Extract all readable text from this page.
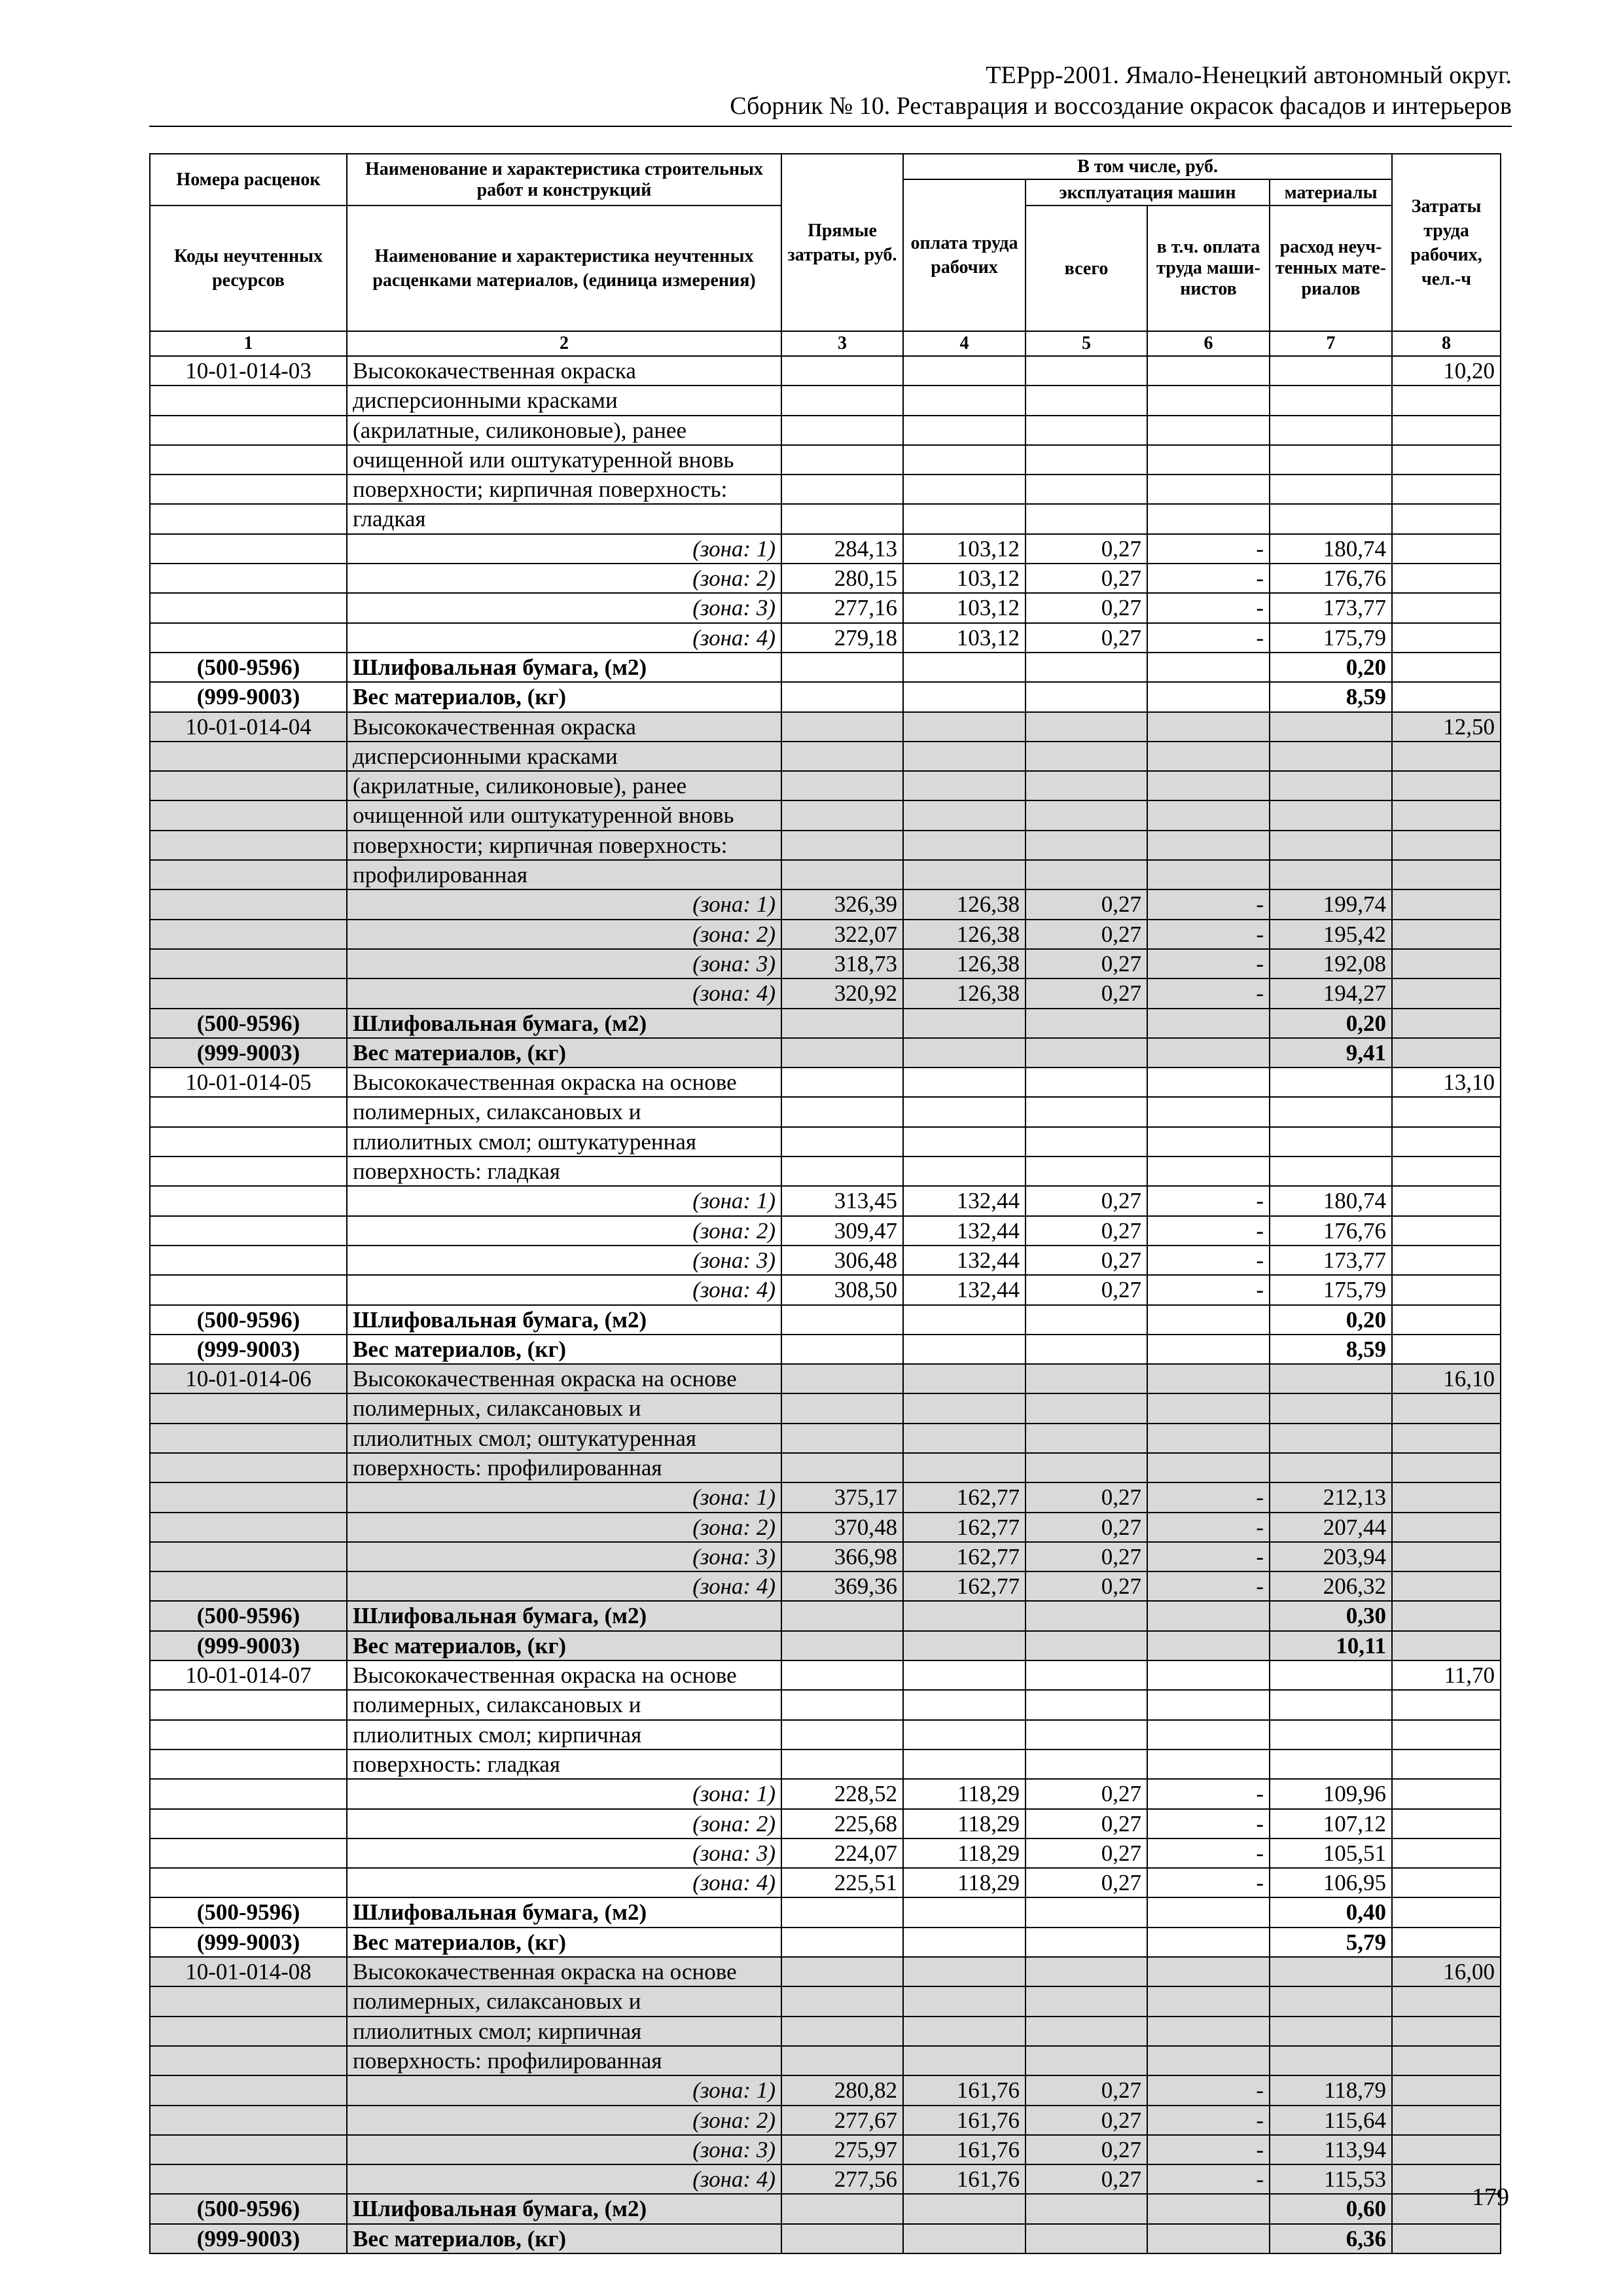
ТЕРрр-2001. Ямало-Ненецкий автономный округ.
Сборник № 10. Реставрация и воссоздание окрасок фасадов и интерьеров
Номера расценок	Наименование и характеристика строительных работ и конструкций	Прямые затраты, руб.	В том числе, руб.				Затраты труда рабочих, чел.-ч
			оплата труда рабочих	эксплуатация машин		материалы	
Коды неучтенных ресурсов	Наименование и характеристика неучтенных расценками материалов, (единица измерения)			всего	в т.ч. оплата труда маши-нистов	расход неуч-тенных мате-риалов	
1	2	3	4	5	6	7	8
10-01-014-03	Высококачественная окраска						10,20
	дисперсионными красками						
	(акрилатные, силиконовые), ранее						
	очищенной или оштукатуренной вновь						
	поверхности; кирпичная поверхность:						
	гладкая						
	(зона: 1)	284,13	103,12	0,27	-	180,74	
	(зона: 2)	280,15	103,12	0,27	-	176,76	
	(зона: 3)	277,16	103,12	0,27	-	173,77	
	(зона: 4)	279,18	103,12	0,27	-	175,79	
(500-9596)	Шлифовальная бумага, (м2)					0,20	
(999-9003)	Вес материалов, (кг)					8,59	
10-01-014-04	Высококачественная окраска						12,50
	дисперсионными красками						
	(акрилатные, силиконовые), ранее						
	очищенной или оштукатуренной вновь						
	поверхности; кирпичная поверхность:						
	профилированная						
	(зона: 1)	326,39	126,38	0,27	-	199,74	
	(зона: 2)	322,07	126,38	0,27	-	195,42	
	(зона: 3)	318,73	126,38	0,27	-	192,08	
	(зона: 4)	320,92	126,38	0,27	-	194,27	
(500-9596)	Шлифовальная бумага, (м2)					0,20	
(999-9003)	Вес материалов, (кг)					9,41	
10-01-014-05	Высококачественная окраска на основе						13,10
	полимерных, силаксановых и						
	плиолитных смол; оштукатуренная						
	поверхность: гладкая						
	(зона: 1)	313,45	132,44	0,27	-	180,74	
	(зона: 2)	309,47	132,44	0,27	-	176,76	
	(зона: 3)	306,48	132,44	0,27	-	173,77	
	(зона: 4)	308,50	132,44	0,27	-	175,79	
(500-9596)	Шлифовальная бумага, (м2)					0,20	
(999-9003)	Вес материалов, (кг)					8,59	
10-01-014-06	Высококачественная окраска на основе						16,10
	полимерных, силаксановых и						
	плиолитных смол; оштукатуренная						
	поверхность: профилированная						
	(зона: 1)	375,17	162,77	0,27	-	212,13	
	(зона: 2)	370,48	162,77	0,27	-	207,44	
	(зона: 3)	366,98	162,77	0,27	-	203,94	
	(зона: 4)	369,36	162,77	0,27	-	206,32	
(500-9596)	Шлифовальная бумага, (м2)					0,30	
(999-9003)	Вес материалов, (кг)					10,11	
10-01-014-07	Высококачественная окраска на основе						11,70
	полимерных, силаксановых и						
	плиолитных смол; кирпичная						
	поверхность: гладкая						
	(зона: 1)	228,52	118,29	0,27	-	109,96	
	(зона: 2)	225,68	118,29	0,27	-	107,12	
	(зона: 3)	224,07	118,29	0,27	-	105,51	
	(зона: 4)	225,51	118,29	0,27	-	106,95	
(500-9596)	Шлифовальная бумага, (м2)					0,40	
(999-9003)	Вес материалов, (кг)					5,79	
10-01-014-08	Высококачественная окраска на основе						16,00
	полимерных, силаксановых и						
	плиолитных смол; кирпичная						
	поверхность: профилированная						
	(зона: 1)	280,82	161,76	0,27	-	118,79	
	(зона: 2)	277,67	161,76	0,27	-	115,64	
	(зона: 3)	275,97	161,76	0,27	-	113,94	
	(зона: 4)	277,56	161,76	0,27	-	115,53	
(500-9596)	Шлифовальная бумага, (м2)					0,60	
(999-9003)	Вес материалов, (кг)					6,36	
179
